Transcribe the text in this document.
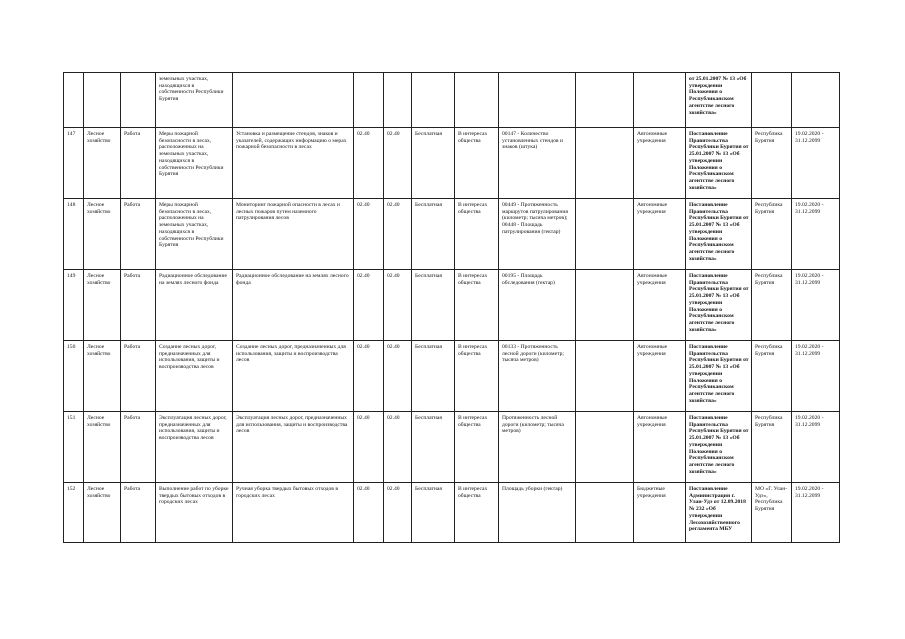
			земельных участках, находящихся в собственности Республики Бурятия									от 25.01.2007 № 13 «Об утверждении Положения о Республиканском агентстве лесного хозяйства»		
147	Лесное хозяйство	Работа	Меры пожарной безопасности в лесах, расположенных на земельных участках, находящихся в собственности Республики Бурятия	Установка и размещение стендов, знаков и указателей, содержащих информацию о мерах пожарной безопасности в лесах	02.40	02.40	Бесплатная	В интересах общества	00147 - Количество установленных стендов и знаков (штука)		Автономные учреждения	Постановление Правительства Республики Бурятия от 25.01.2007 № 13 «Об утверждении Положения о Республиканском агентстве лесного хозяйства»	Республика Бурятия	19.02.2020 - 31.12.2099
148	Лесное хозяйство	Работа	Меры пожарной безопасности в лесах, расположенных на земельных участках, находящихся в собственности Республики Бурятия	Мониторинг пожарной опасности в лесах и лесных пожаров путем наземного патрулирования лесов	02.40	02.40	Бесплатная	В интересах общества	00449 - Протяженность маршрутов патрулирования (километр; тысяча метров); 00448 - Площадь патрулирования (гектар)		Автономные учреждения	Постановление Правительства Республики Бурятия от 25.01.2007 № 13 «Об утверждении Положения о Республиканском агентстве лесного хозяйства»	Республика Бурятия	19.02.2020 - 31.12.2099
149	Лесное хозяйство	Работа	Радиационное обследование на землях лесного фонда	Радиационное обследование на землях лесного фонда	02.40	02.40	Бесплатная	В интересах общества	00195 - Площадь обследования (гектар)		Автономные учреждения	Постановление Правительства Республики Бурятия от 25.01.2007 № 13 «Об утверждении Положения о Республиканском агентстве лесного хозяйства»	Республика Бурятия	19.02.2020 - 31.12.2099
150	Лесное хозяйство	Работа	Создание лесных дорог, предназначенных для использования, защиты и воспроизводства лесов	Создание лесных дорог, предназначенных для использования, защиты и воспроизводства лесов	02.40	02.40	Бесплатная	В интересах общества	00133 - Протяженность лесной дороги (километр; тысяча метров)		Автономные учреждения	Постановление Правительства Республики Бурятия от 25.01.2007 № 13 «Об утверждении Положения о Республиканском агентстве лесного хозяйства»	Республика Бурятия	19.02.2020 - 31.12.2099
151	Лесное хозяйство	Работа	Эксплуатация лесных дорог, предназначенных для использования, защиты и воспроизводства лесов	Эксплуатация лесных дорог, предназначенных для использования, защиты и воспроизводства лесов	02.40	02.40	Бесплатная	В интересах общества	Протяженность лесной дороги (километр; тысяча метров)		Автономные учреждения	Постановление Правительства Республики Бурятия от 25.01.2007 № 13 «Об утверждении Положения о Республиканском агентстве лесного хозяйства»	Республика Бурятия	19.02.2020 - 31.12.2099
152	Лесное хозяйство	Работа	Выполнение работ по уборке твердых бытовых отходов в городских лесах	Ручная уборка твердых бытовых отходов в городских лесах	02.40	02.40	Бесплатная	В интересах общества	Площадь уборки (гектар)		Бюджетные учреждения	Постановление Администрации г. Улан-Удэ от 12.09.2018 № 232 «Об утверждении Лесохозяйственного регламента МБУ	МО «Г. Улан-Удэ», Республика Бурятия	19.02.2020 - 31.12.2099
